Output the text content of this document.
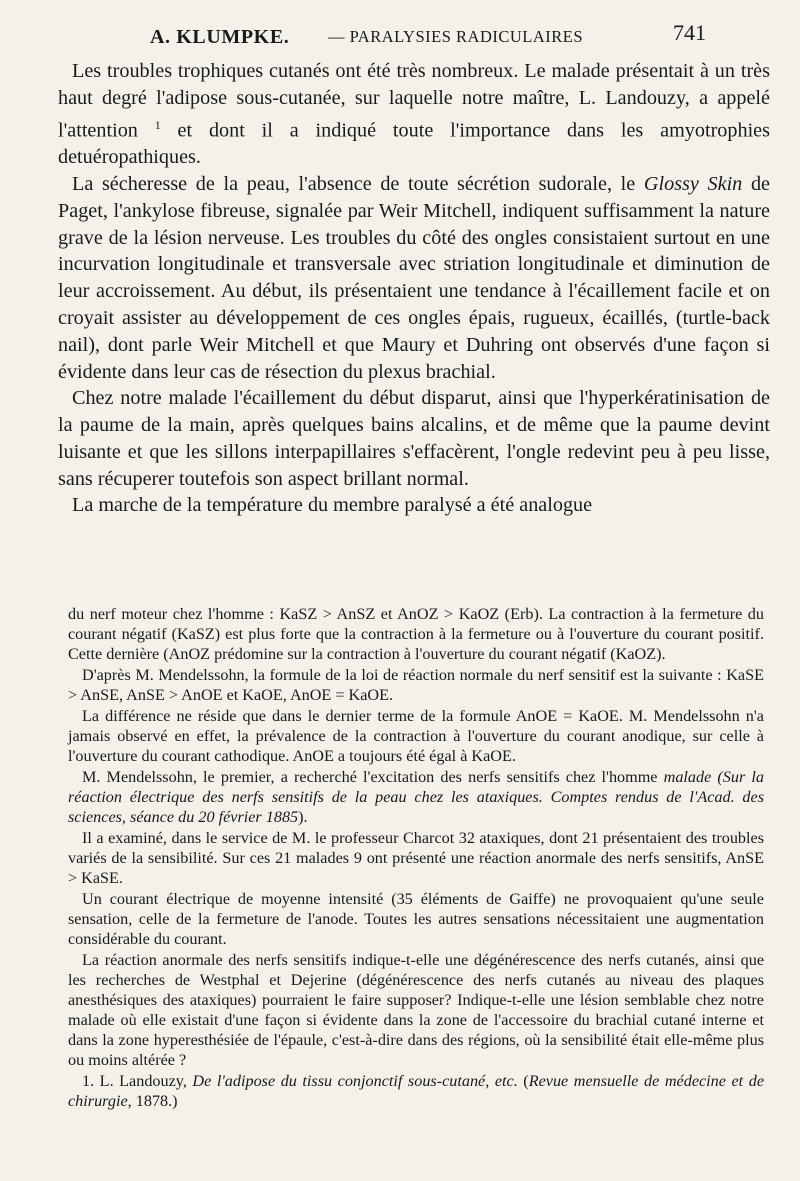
A. KLUMPKE. — PARALYSIES RADICULAIRES	741

Les troubles trophiques cutanés ont été très nombreux. Le malade présentait à un très haut degré l'adipose sous-cutanée, sur laquelle notre maître, L. Landouzy, a appelé l'attention $^1$ et dont il a indiqué toute l'importance dans les amyotrophies detuéropathiques.

La sécheresse de la peau, l'absence de toute sécrétion sudorale, le Glossy Skin de Paget, l'ankylose fibreuse, signalée par Weir Mitchell, indiquent suffisamment la nature grave de la lésion nerveuse. Les troubles du côté des ongles consistaient surtout en une incurvation longitudinale et transversale avec striation longitudinale et diminution de leur accroissement. Au début, ils présentaient une tendance à l'écaillement facile et on croyait assister au développement de ces ongles épais, rugueux, écaillés, (turtle-back nail), dont parle Weir Mitchell et que Maury et Duhring ont observés d'une façon si évidente dans leur cas de résection du plexus brachial.

Chez notre malade l'écaillement du début disparut, ainsi que l'hyperkératinisation de la paume de la main, après quelques bains alcalins, et de même que la paume devint luisante et que les sillons interpapillaires s'effacèrent, l'ongle redevint peu à peu lisse, sans récuperer toutefois son aspect brillant normal.

La marche de la température du membre paralysé a été analogue

du nerf moteur chez l'homme : KaSZ > AnSZ et AnOZ > KaOZ (Erb). La contraction à la fermeture du courant négatif (KaSZ) est plus forte que la contraction à la fermeture ou à l'ouverture du courant positif. Cette dernière (AnOZ prédomine sur la contraction à l'ouverture du courant négatif (KaOZ).

D'après M. Mendelssohn, la formule de la loi de réaction normale du nerf sensitif est la suivante : KaSE > AnSE, AnSE > AnOE et KaOE, AnOE = KaOE.

La différence ne réside que dans le dernier terme de la formule AnOE = KaOE. M. Mendelssohn n'a jamais observé en effet, la prévalence de la contraction à l'ouverture du courant anodique, sur celle à l'ouverture du courant cathodique. AnOE a toujours été égal à KaOE.

M. Mendelssohn, le premier, a recherché l'excitation des nerfs sensitifs chez l'homme malade (Sur la réaction électrique des nerfs sensitifs de la peau chez les ataxiques. Comptes rendus de l'Acad. des sciences, séance du 20 février 1885).

Il a examiné, dans le service de M. le professeur Charcot 32 ataxiques, dont 21 présentaient des troubles variés de la sensibilité. Sur ces 21 malades 9 ont présenté une réaction anormale des nerfs sensitifs, AnSE > KaSE.

Un courant électrique de moyenne intensité (35 éléments de Gaiffe) ne provoquaient qu'une seule sensation, celle de la fermeture de l'anode. Toutes les autres sensations nécessitaient une augmentation considérable du courant.

La réaction anormale des nerfs sensitifs indique-t-elle une dégénérescence des nerfs cutanés, ainsi que les recherches de Westphal et Dejerine (dégénérescence des nerfs cutanés au niveau des plaques anesthésiques des ataxiques) pourraient le faire supposer? Indique-t-elle une lésion semblable chez notre malade où elle existait d'une façon si évidente dans la zone de l'accessoire du brachial cutané interne et dans la zone hyperesthésiée de l'épaule, c'est-à-dire dans des régions, où la sensibilité était elle-même plus ou moins altérée ?

1. L. Landouzy, De l'adipose du tissu conjonctif sous-cutané, etc. (Revue mensuelle de médecine et de chirurgie, 1878.)
